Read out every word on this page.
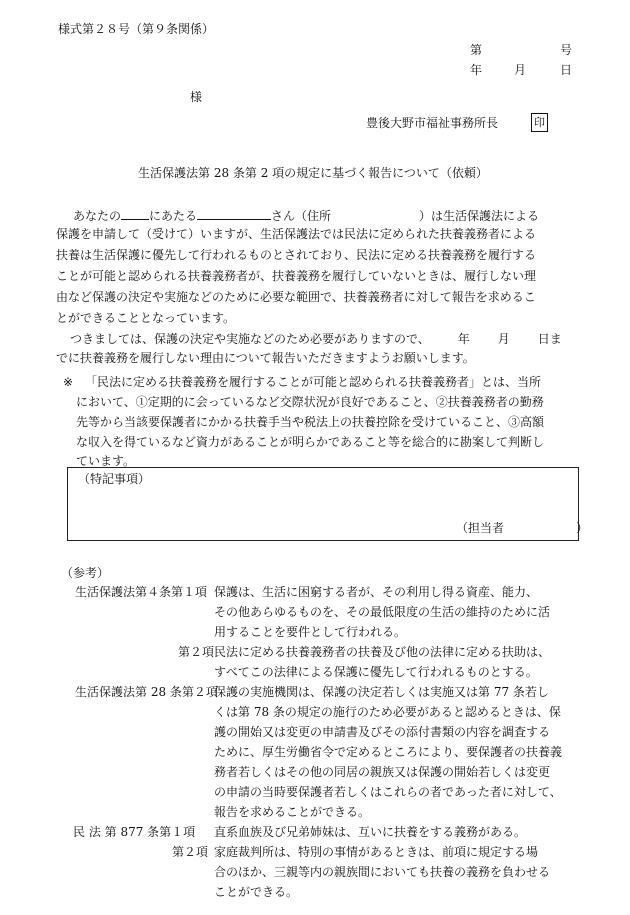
様式第２８号（第９条関係）
第	号
年	月	日
様
豊後大野市福祉事務所長	印
生活保護法第 28 条第 2 項の規定に基づく報告について（依頼）
あなたの にあたる	さん（住所	）は生活保護法による
保護を申請して（受けて）いますが、生活保護法では民法に定められた扶養義務者による
扶養は生活保護に優先して行われるものとされており、民法に定める扶養義務を履行する
ことが可能と認められる扶養義務者が、扶養義務を履行していないときは、履行しない理
由など保護の決定や実施などのために必要な範囲で、扶養義務者に対して報告を求めるこ
とができることとなっています。
つきましては、保護の決定や実施などのため必要がありますので、 年 月 日ま
でに扶養義務を履行しない理由について報告いただきますようお願いします。
※ 「民法に定める扶養義務を履行することが可能と認められる扶養義務者」とは、当所
において、①定期的に会っているなど交際状況が良好であること、②扶養義務者の勤務
先等から当該要保護者にかかる扶養手当や税法上の扶養控除を受けていること、③高額
な収入を得ているなど資力があることが明らかであること等を総合的に勘案して判断し
ています。
（特記事項）
（担当者　　　　　　）
（参考）
生活保護法第４条第１項 保護は、生活に困窮する者が、その利用し得る資産、能力、
その他あらゆるものを、その最低限度の生活の維持のために活
用することを要件として行われる。
第２項 民法に定める扶養義務者の扶養及び他の法律に定める扶助は、
すべてこの法律による保護に優先して行われるものとする。
生活保護法第 28 条第２項
保護の実施機関は、保護の決定若しくは実施又は第 77 条若し
くは第 78 条の規定の施行のため必要があると認めるときは、保
護の開始又は変更の申請書及びその添付書類の内容を調査する
ために、厚生労働省令で定めるところにより、要保護者の扶養義
務者若しくはその他の同居の親族又は保護の開始若しくは変更
の申請の当時要保護者若しくはこれらの者であった者に対して、
報告を求めることができる。
民 法 第 877 条第１項 直系血族及び兄弟姉妹は、互いに扶養をする義務がある。
第２項 家庭裁判所は、特別の事情があるときは、前項に規定する場
合のほか、三親等内の親族間においても扶養の義務を負わせる
ことができる。
